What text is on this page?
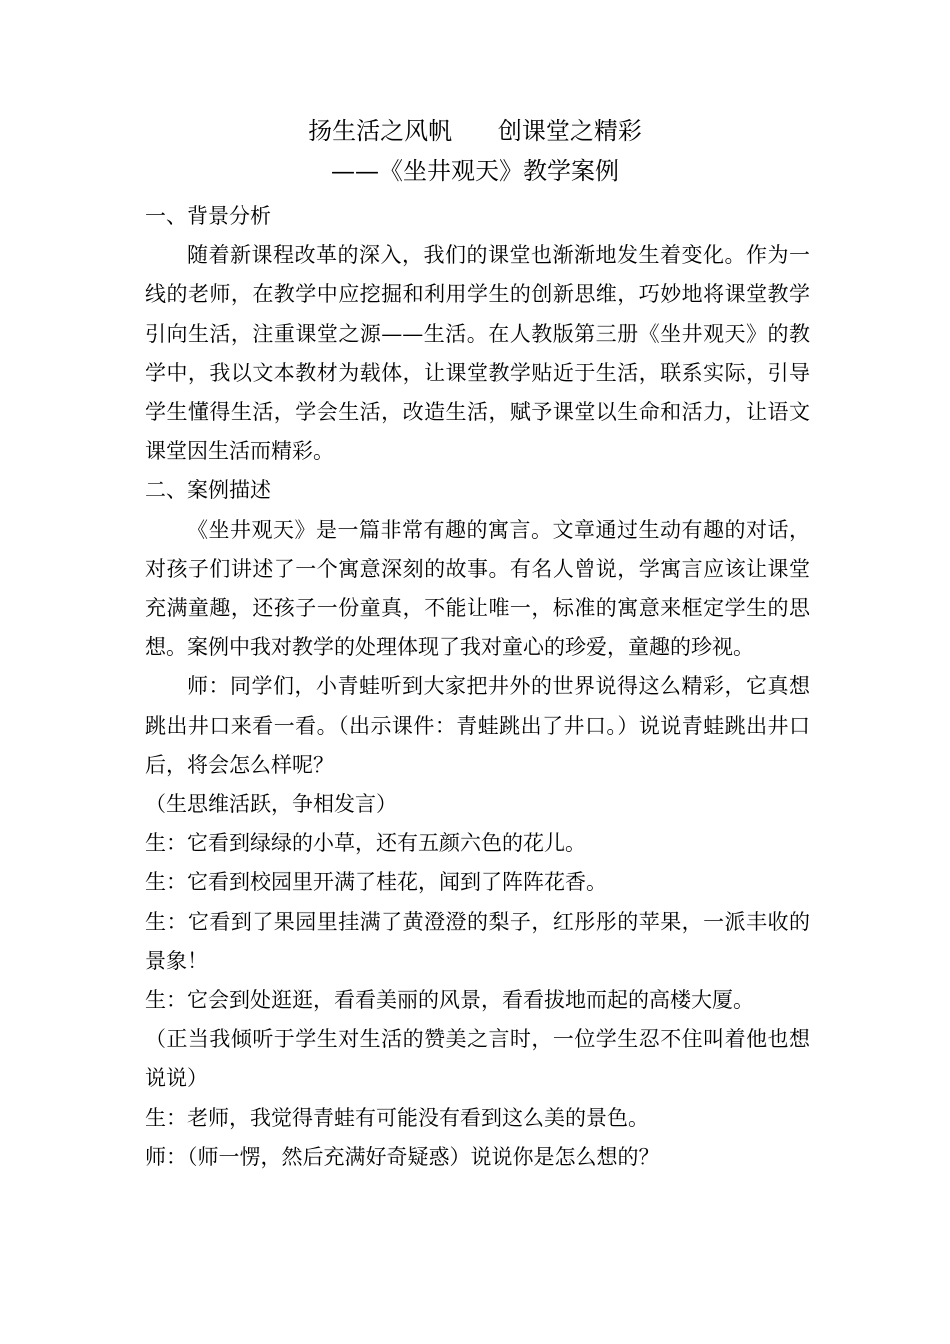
扬生活之风帆      创课堂之精彩
——《坐井观天》教学案例

一、背景分析

随着新课程改革的深入，我们的课堂也渐渐地发生着变化。作为一线的老师，在教学中应挖掘和利用学生的创新思维，巧妙地将课堂教学引向生活，注重课堂之源——生活。在人教版第三册《坐井观天》的教学中，我以文本教材为载体，让课堂教学贴近于生活，联系实际，引导学生懂得生活，学会生活，改造生活，赋予课堂以生命和活力，让语文课堂因生活而精彩。

二、案例描述

《坐井观天》是一篇非常有趣的寓言。文章通过生动有趣的对话，对孩子们讲述了一个寓意深刻的故事。有名人曾说，学寓言应该让课堂充满童趣，还孩子一份童真，不能让唯一，标准的寓意来框定学生的思想。案例中我对教学的处理体现了我对童心的珍爱，童趣的珍视。

师：同学们，小青蛙听到大家把井外的世界说得这么精彩，它真想跳出井口来看一看。（出示课件：青蛙跳出了井口。）说说青蛙跳出井口后，将会怎么样呢？

（生思维活跃，争相发言）

生：它看到绿绿的小草，还有五颜六色的花儿。

生：它看到校园里开满了桂花，闻到了阵阵花香。

生：它看到了果园里挂满了黄澄澄的梨子，红彤彤的苹果，一派丰收的景象！

生：它会到处逛逛，看看美丽的风景，看看拔地而起的高楼大厦。

（正当我倾听于学生对生活的赞美之言时，一位学生忍不住叫着他也想说说）

生：老师，我觉得青蛙有可能没有看到这么美的景色。

师：（师一愣，然后充满好奇疑惑）说说你是怎么想的？
